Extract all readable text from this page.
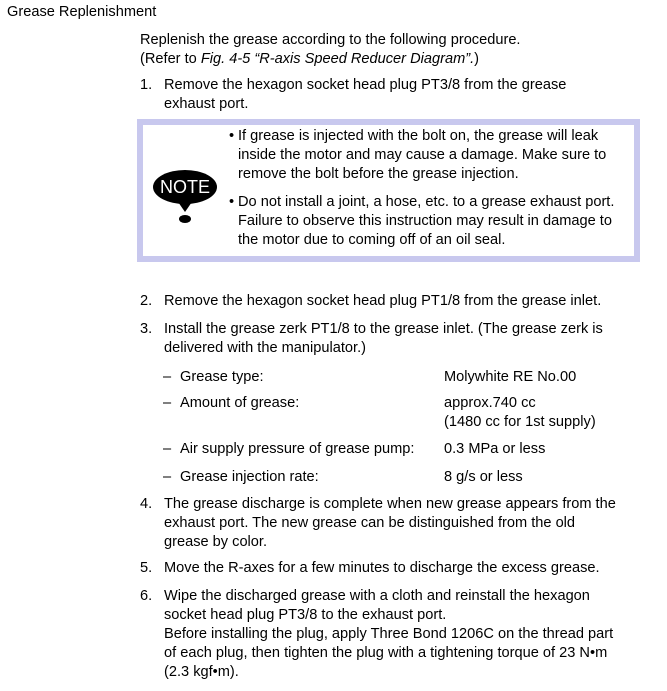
Grease Replenishment
Replenish the grease according to the following procedure.
(Refer to Fig. 4-5 “R-axis Speed Reducer Diagram”.)
1. Remove the hexagon socket head plug PT3/8 from the grease
exhaust port.
NOTE
• If grease is injected with the bolt on, the grease will leak
inside the motor and may cause a damage. Make sure to
remove the bolt before the grease injection.
• Do not install a joint, a hose, etc. to a grease exhaust port.
Failure to observe this instruction may result in damage to
the motor due to coming off of an oil seal.
2. Remove the hexagon socket head plug PT1/8 from the grease inlet.
3. Install the grease zerk PT1/8 to the grease inlet. (The grease zerk is
delivered with the manipulator.)
– Grease type:	Molywhite RE No.00
– Amount of grease:	approx.740 cc
(1480 cc for 1st supply)
– Air supply pressure of grease pump:	0.3 MPa or less
– Grease injection rate:	8 g/s or less
4. The grease discharge is complete when new grease appears from the
exhaust port. The new grease can be distinguished from the old
grease by color.
5. Move the R-axes for a few minutes to discharge the excess grease.
6. Wipe the discharged grease with a cloth and reinstall the hexagon
socket head plug PT3/8 to the exhaust port.
Before installing the plug, apply Three Bond 1206C on the thread part
of each plug, then tighten the plug with a tightening torque of 23 N•m
(2.3 kgf•m).
